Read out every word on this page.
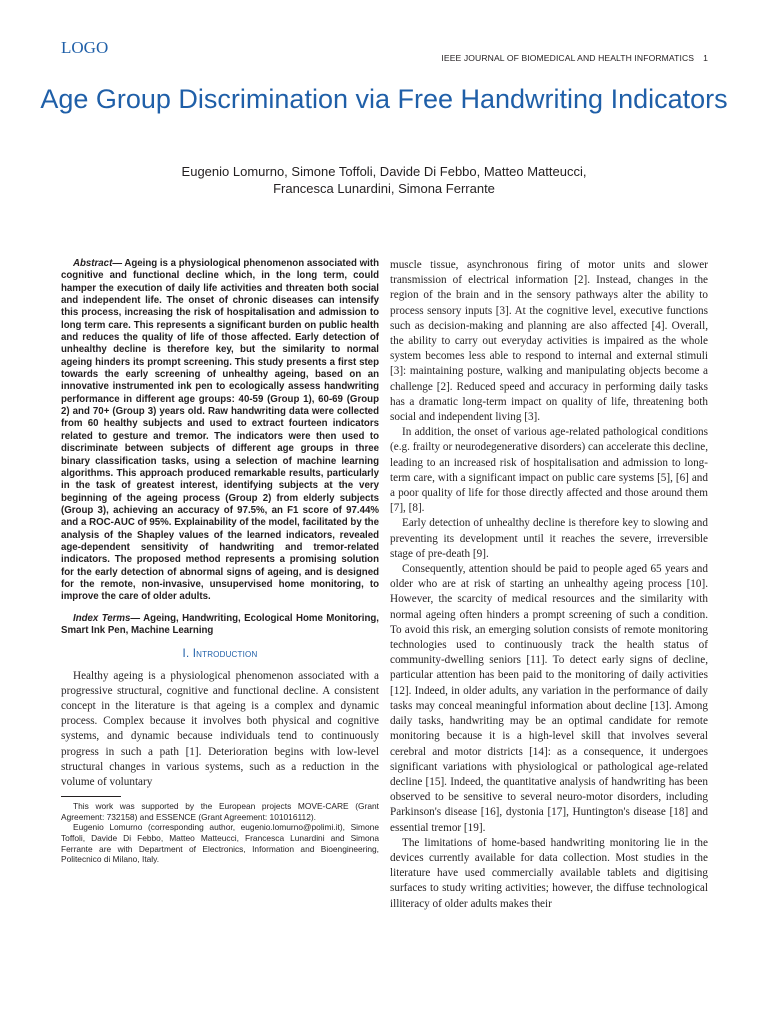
LOGO
IEEE JOURNAL OF BIOMEDICAL AND HEALTH INFORMATICS 1
Age Group Discrimination via Free Handwriting Indicators
Eugenio Lomurno, Simone Toffoli, Davide Di Febbo, Matteo Matteucci,
Francesca Lunardini, Simona Ferrante

Abstract— Ageing is a physiological phenomenon associated with cognitive and functional decline which, in the long term, could hamper the execution of daily life activities and threaten both social and independent life. The onset of chronic diseases can intensify this process, increasing the risk of hospitalisation and admission to long term care. This represents a significant burden on public health and reduces the quality of life of those affected. Early detection of unhealthy decline is therefore key, but the similarity to normal ageing hinders its prompt screening. This study presents a first step towards the early screening of unhealthy ageing, based on an innovative instrumented ink pen to ecologically assess handwriting performance in different age groups: 40-59 (Group 1), 60-69 (Group 2) and 70+ (Group 3) years old. Raw handwriting data were collected from 60 healthy subjects and used to extract fourteen indicators related to gesture and tremor. The indicators were then used to discriminate between subjects of different age groups in three binary classification tasks, using a selection of machine learning algorithms. This approach produced remarkable results, particularly in the task of greatest interest, identifying subjects at the very beginning of the ageing process (Group 2) from elderly subjects (Group 3), achieving an accuracy of 97.5%, an F1 score of 97.44% and a ROC-AUC of 95%. Explainability of the model, facilitated by the analysis of the Shapley values of the learned indicators, revealed age-dependent sensitivity of handwriting and tremor-related indicators. The proposed method represents a promising solution for the early detection of abnormal signs of ageing, and is designed for the remote, non-invasive, unsupervised home monitoring, to improve the care of older adults.

Index Terms— Ageing, Handwriting, Ecological Home Monitoring, Smart Ink Pen, Machine Learning

I. Introduction

Healthy ageing is a physiological phenomenon associated with a progressive structural, cognitive and functional decline. A consistent concept in the literature is that ageing is a complex and dynamic process. Complex because it involves both physical and cognitive systems, and dynamic because individuals tend to continuously progress in such a path [1]. Deterioration begins with low-level structural changes in various systems, such as a reduction in the volume of voluntary

This work was supported by the European projects MOVE-CARE (Grant Agreement: 732158) and ESSENCE (Grant Agreement: 101016112).

Eugenio Lomurno (corresponding author, eugenio.lomurno@polimi.it), Simone Toffoli, Davide Di Febbo, Matteo Matteucci, Francesca Lunardini and Simona Ferrante are with Department of Electronics, Information and Bioengineering, Politecnico di Milano, Italy.

muscle tissue, asynchronous firing of motor units and slower transmission of electrical information [2]. Instead, changes in the region of the brain and in the sensory pathways alter the ability to process sensory inputs [3]. At the cognitive level, executive functions such as decision-making and planning are also affected [4]. Overall, the ability to carry out everyday activities is impaired as the whole system becomes less able to respond to internal and external stimuli [3]: maintaining posture, walking and manipulating objects become a challenge [2]. Reduced speed and accuracy in performing daily tasks has a dramatic long-term impact on quality of life, threatening both social and independent living [3].

In addition, the onset of various age-related pathological conditions (e.g. frailty or neurodegenerative disorders) can accelerate this decline, leading to an increased risk of hospitalisation and admission to long-term care, with a significant impact on public care systems [5], [6] and a poor quality of life for those directly affected and those around them [7], [8].

Early detection of unhealthy decline is therefore key to slowing and preventing its development until it reaches the severe, irreversible stage of pre-death [9].

Consequently, attention should be paid to people aged 65 years and older who are at risk of starting an unhealthy ageing process [10]. However, the scarcity of medical resources and the similarity with normal ageing often hinders a prompt screening of such a condition. To avoid this risk, an emerging solution consists of remote monitoring technologies used to continuously track the health status of community-dwelling seniors [11]. To detect early signs of decline, particular attention has been paid to the monitoring of daily activities [12]. Indeed, in older adults, any variation in the performance of daily tasks may conceal meaningful information about decline [13]. Among daily tasks, handwriting may be an optimal candidate for remote monitoring because it is a high-level skill that involves several cerebral and motor districts [14]: as a consequence, it undergoes significant variations with physiological or pathological age-related decline [15]. Indeed, the quantitative analysis of handwriting has been observed to be sensitive to several neuro-motor disorders, including Parkinson's disease [16], dystonia [17], Huntington's disease [18] and essential tremor [19].

The limitations of home-based handwriting monitoring lie in the devices currently available for data collection. Most studies in the literature have used commercially available tablets and digitising surfaces to study writing activities; however, the diffuse technological illiteracy of older adults makes their
